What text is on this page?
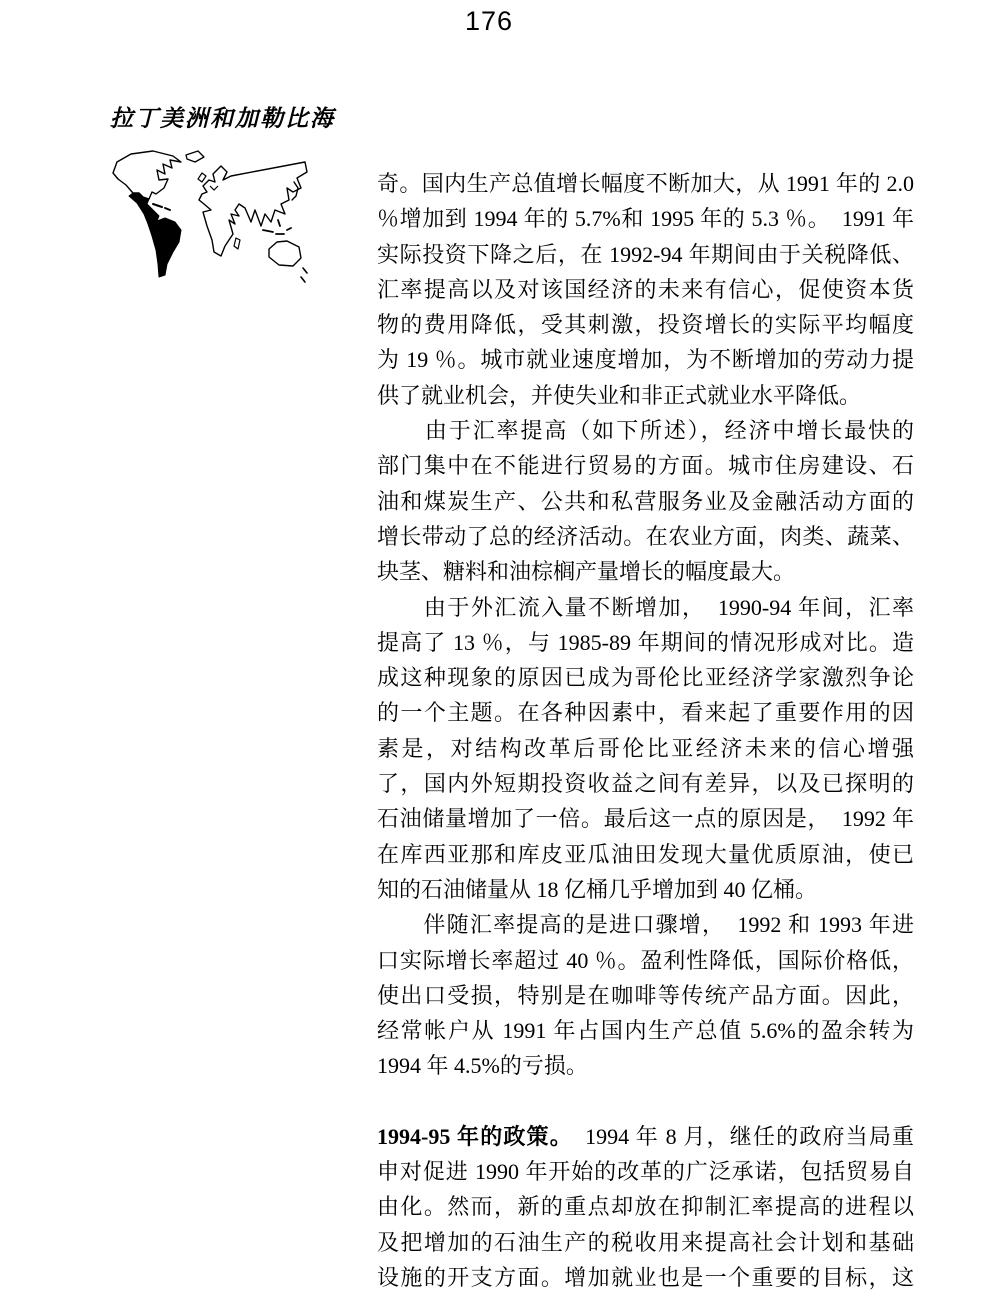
176
拉丁美洲和加勒比海
奇。国内生产总值增长幅度不断加大，从 1991 年的 2.0
％增加到 1994 年的 5.7%和 1995 年的 5.3 ％。　1991 年
实际投资下降之后，在 1992-94 年期间由于关税降低、
汇率提高以及对该国经济的未来有信心，促使资本货
物的费用降低，受其刺激，投资增长的实际平均幅度
为 19 ％。城市就业速度增加，为不断增加的劳动力提
供了就业机会，并使失业和非正式就业水平降低。
　　由于汇率提高（如下所述），经济中增长最快的
部门集中在不能进行贸易的方面。城市住房建设、石
油和煤炭生产、公共和私营服务业及金融活动方面的
增长带动了总的经济活动。在农业方面，肉类、蔬菜、
块茎、糖料和油棕榈产量增长的幅度最大。
　　由于外汇流入量不断增加，　1990-94 年间，汇率
提高了 13 ％，与 1985-89 年期间的情况形成对比。造
成这种现象的原因已成为哥伦比亚经济学家激烈争论
的一个主题。在各种因素中，看来起了重要作用的因
素是，对结构改革后哥伦比亚经济未来的信心增强
了，国内外短期投资收益之间有差异，以及已探明的
石油储量增加了一倍。最后这一点的原因是，　1992 年
在库西亚那和库皮亚瓜油田发现大量优质原油，使已
知的石油储量从 18 亿桶几乎增加到 40 亿桶。
　　伴随汇率提高的是进口骤增，　1992 和 1993 年进
口实际增长率超过 40 ％。盈利性降低，国际价格低，
使出口受损，特别是在咖啡等传统产品方面。因此，
经常帐户从 1991 年占国内生产总值 5.6%的盈余转为
1994 年 4.5%的亏损。
1994-95 年的政策。　1994 年 8 月，继任的政府当局重
申对促进 1990 年开始的改革的广泛承诺，包括贸易自
由化。然而，新的重点却放在抑制汇率提高的进程以
及把增加的石油生产的税收用来提高社会计划和基础
设施的开支方面。增加就业也是一个重要的目标，这
